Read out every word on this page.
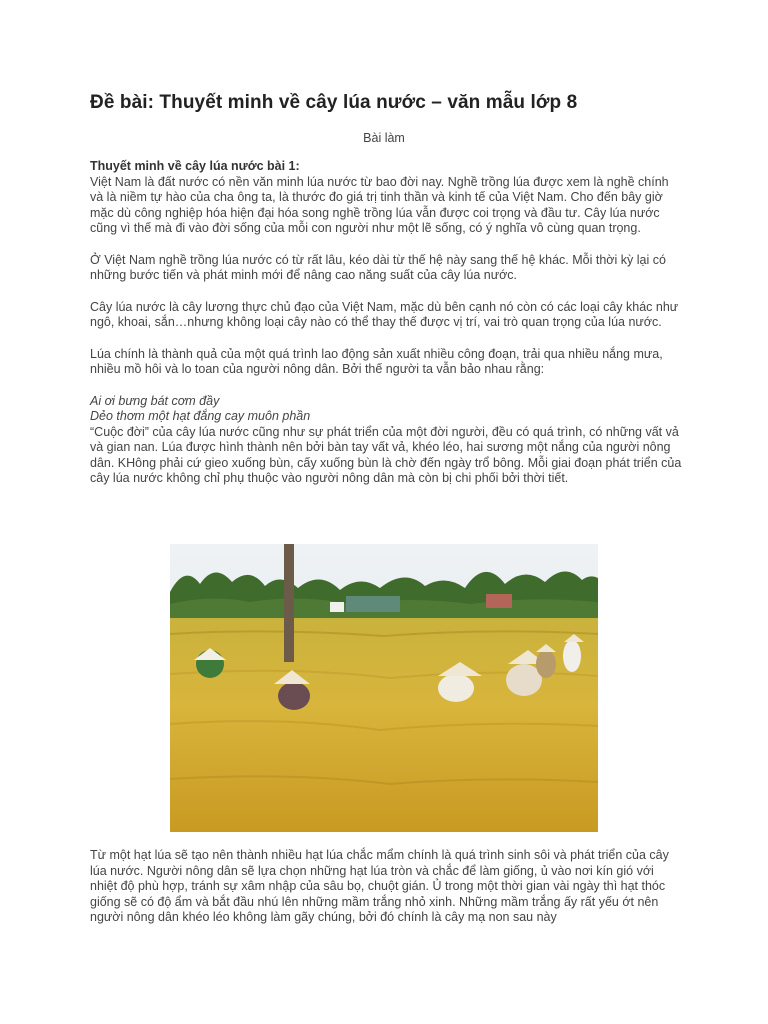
Đề bài: Thuyết minh về cây lúa nước – văn mẫu lớp 8
Bài làm
Thuyết minh về cây lúa nước bài 1:

Việt Nam là đất nước có nền văn minh lúa nước từ bao đời nay. Nghề trồng lúa được xem là nghề chính và là niềm tự hào của cha ông ta, là thước đo giá trị tinh thần và kinh tế của Việt Nam. Cho đến bây giờ mặc dù công nghiệp hóa hiện đại hóa song nghề trồng lúa vẫn được coi trọng và đầu tư. Cây lúa nước cũng vì thế mà đi vào đời sống của mỗi con người như một lẽ sống, có ý nghĩa vô cùng quan trọng.

Ở Việt Nam nghề trồng lúa nước có từ rất lâu, kéo dài từ thế hệ này sang thế hệ khác. Mỗi thời kỳ lại có những bước tiến và phát minh mới để nâng cao năng suất của cây lúa nước.

Cây lúa nước là cây lương thực chủ đạo của Việt Nam, mặc dù bên cạnh nó còn có các loại cây khác như ngô, khoai, sắn…nhưng không loại cây nào có thể thay thế được vị trí, vai trò quan trọng của lúa nước.

Lúa chính là thành quả của một quá trình lao động sản xuất nhiều công đoạn, trải qua nhiều nắng mưa, nhiều mồ hôi và lo toan của người nông dân. Bởi thế người ta vẫn bảo nhau rằng:

Ai ơi bưng bát cơm đầy
Dẻo thơm một hạt đắng cay muôn phần

“Cuộc đời” của cây lúa nước cũng như sự phát triển của một đời người, đều có quá trình, có những vất vả và gian nan. Lúa được hình thành nên bởi bàn tay vất vả, khéo léo, hai sương một nắng của người nông dân. KHông phải cứ gieo xuống bùn, cấy xuống bùn là chờ đến ngày trổ bông. Mỗi giai đoạn phát triển của cây lúa nước không chỉ phụ thuộc vào người nông dân mà còn bị chi phối bởi thời tiết.

Từ một hạt lúa sẽ tạo nên thành nhiều hạt lúa chắc mẩm chính là quá trình sinh sôi và phát triển của cây lúa nước. Người nông dân sẽ lựa chọn những hạt lúa tròn và chắc để làm giống, ủ vào nơi kín gió với nhiệt độ phù hợp, tránh sự xâm nhập của sâu bọ, chuột gián. Ủ trong một thời gian vài ngày thì hạt thóc giống sẽ có độ ẩm và bắt đầu nhú lên những mầm trắng nhỏ xinh. Những mầm trắng ấy rất yếu ớt nên người nông dân khéo léo không làm gãy chúng, bởi đó chính là cây mạ non sau này
